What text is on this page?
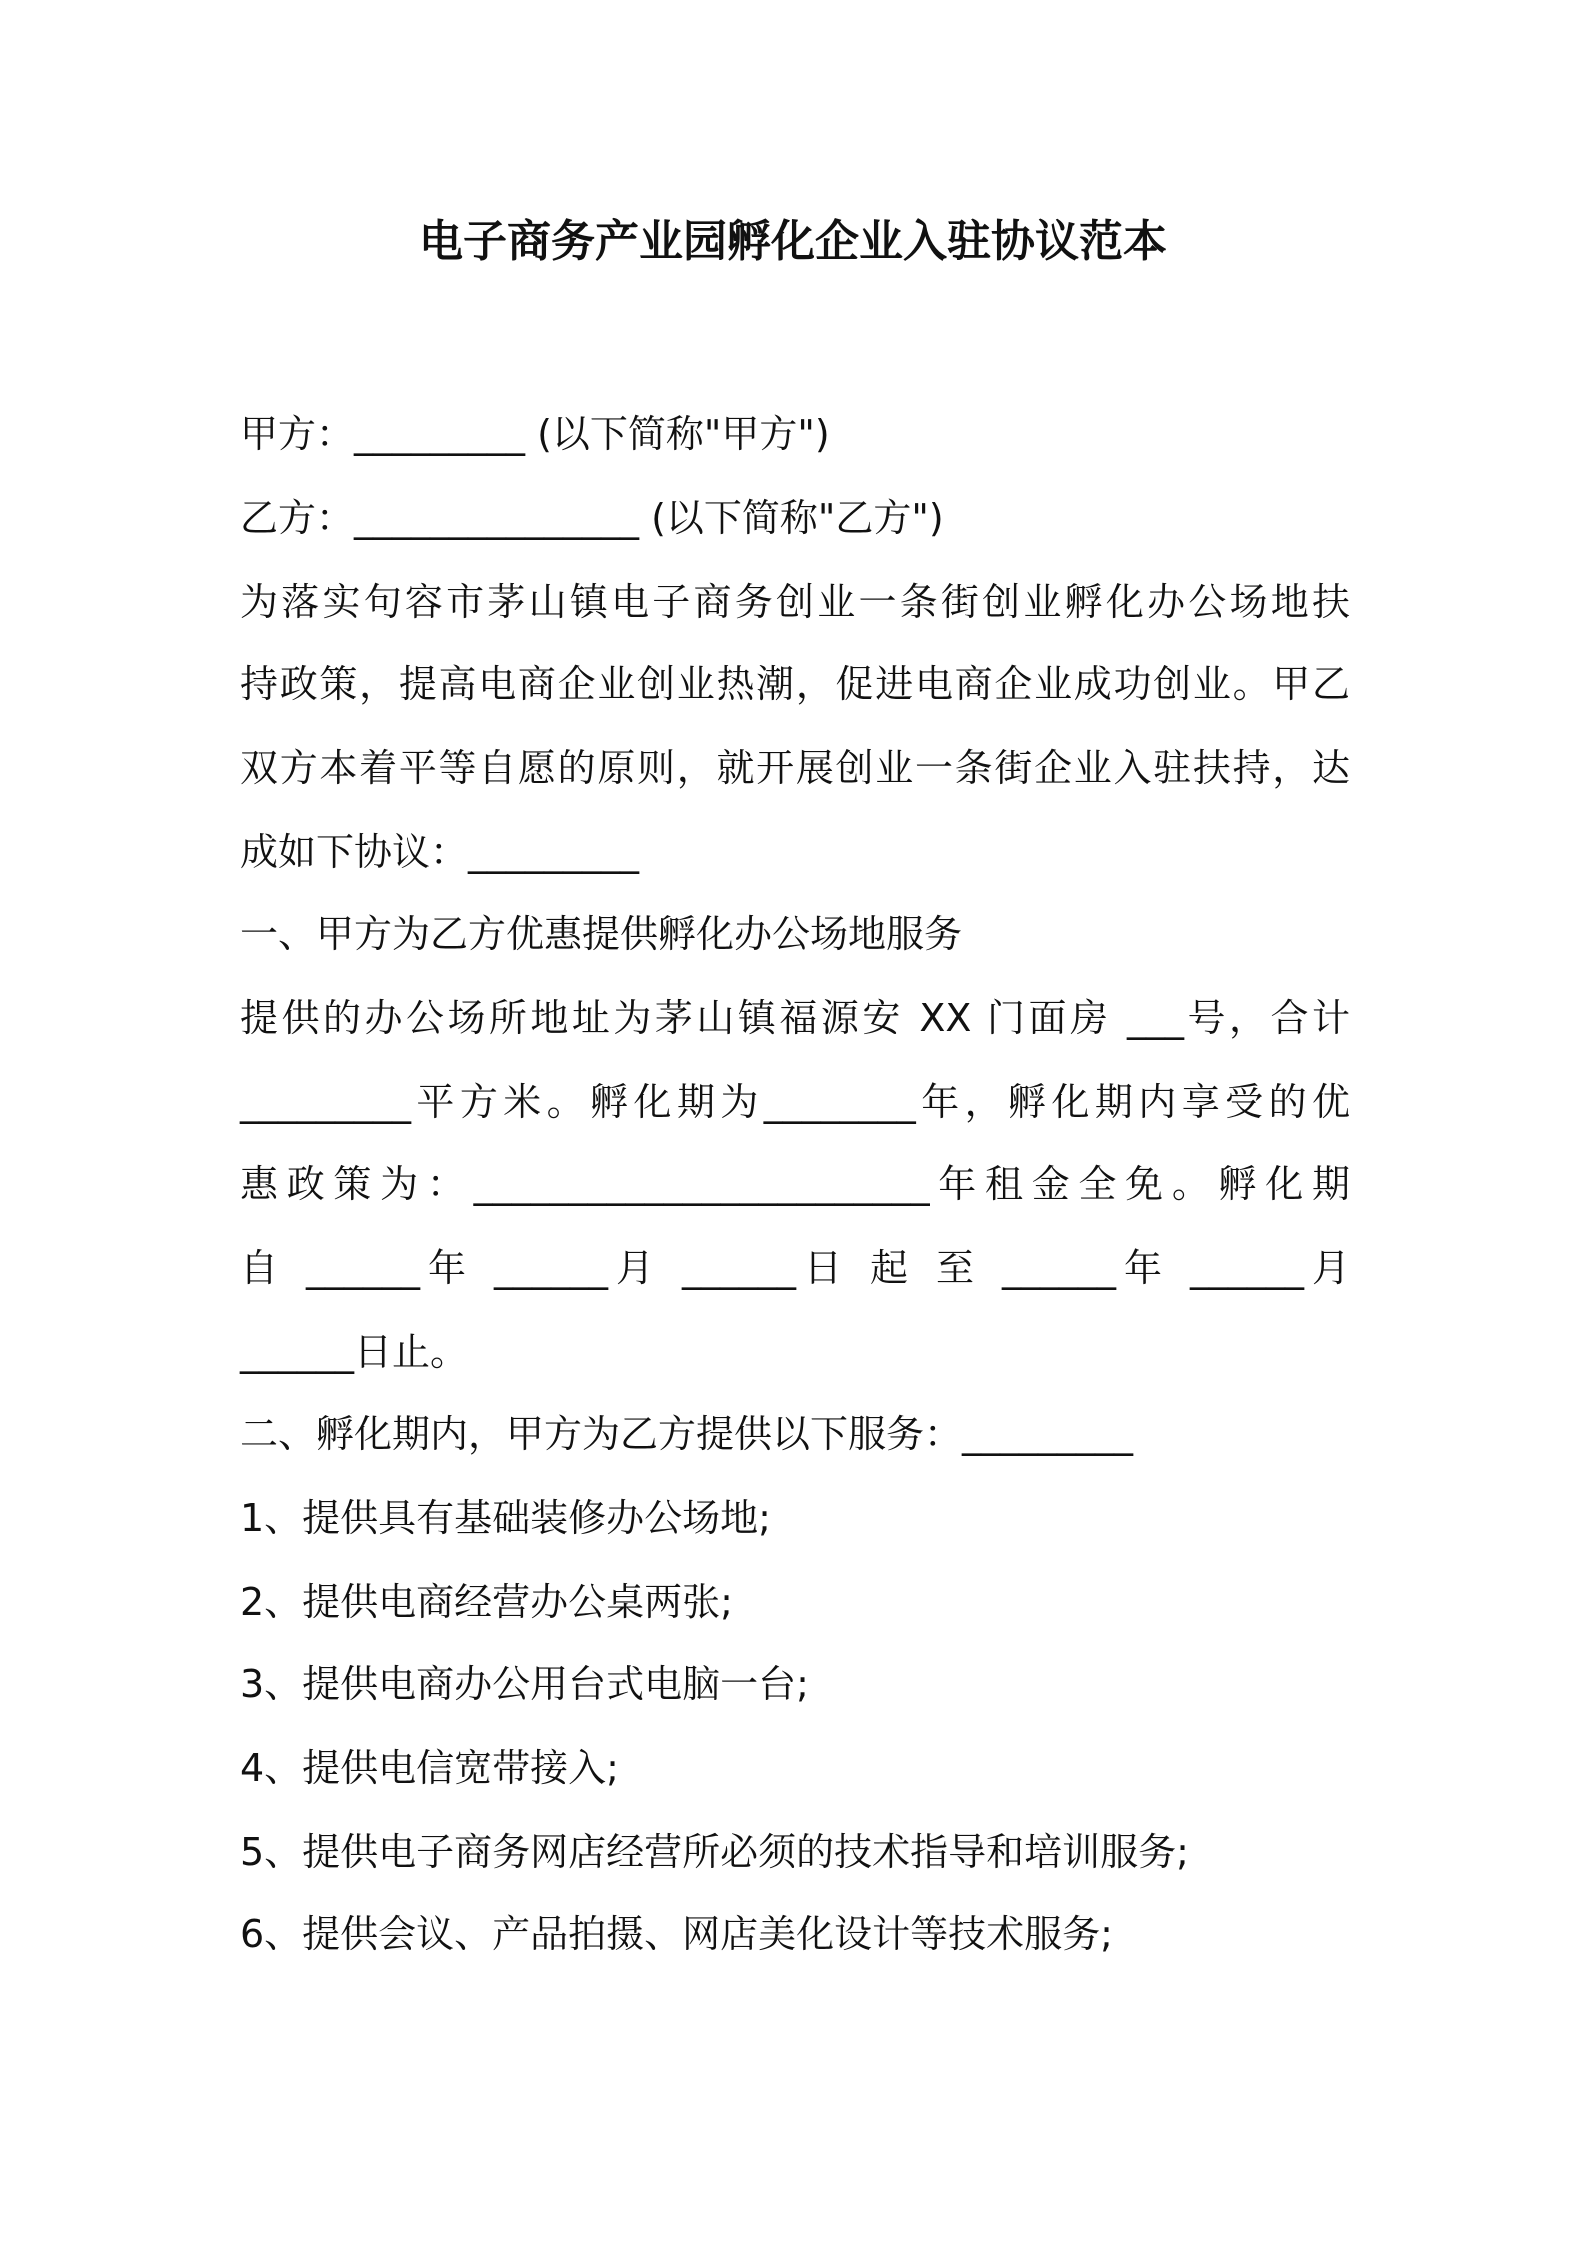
电子商务产业园孵化企业入驻协议范本
甲方：_________ (以下简称"甲方")
乙方：_______________ (以下简称"乙方")
为落实句容市茅山镇电子商务创业一条街创业孵化办公场地扶
持政策，提高电商企业创业热潮，促进电商企业成功创业。甲乙
双方本着平等自愿的原则，就开展创业一条街企业入驻扶持，达
成如下协议：_________
一、甲方为乙方优惠提供孵化办公场地服务
提供的办公场所地址为茅山镇福源安 XX 门面房 ___号，合计
_________平方米。孵化期为________年，孵化期内享受的优
惠政策为：________________________年租金全免。孵化期
自 ______年 ______月 ______日 起 至 ______年 ______月
______日止。
二、孵化期内，甲方为乙方提供以下服务：_________
1、提供具有基础装修办公场地;
2、提供电商经营办公桌两张;
3、提供电商办公用台式电脑一台;
4、提供电信宽带接入;
5、提供电子商务网店经营所必须的技术指导和培训服务;
6、提供会议、产品拍摄、网店美化设计等技术服务;
